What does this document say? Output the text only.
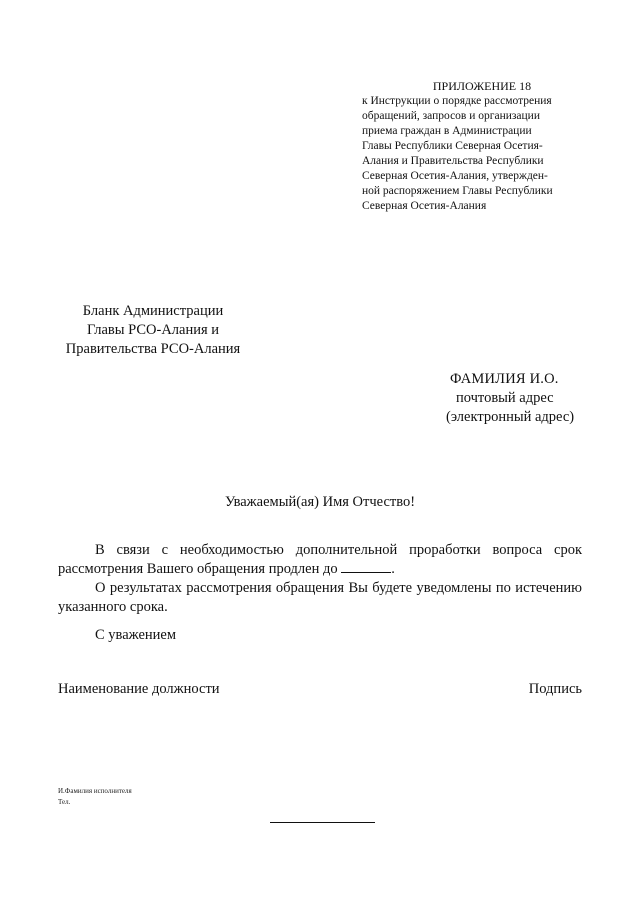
ПРИЛОЖЕНИЕ 18
к Инструкции о порядке рассмотрения
обращений, запросов и организации
приема граждан в Администрации
Главы Республики Северная Осетия-
Алания и Правительства Республики
Северная Осетия-Алания, утвержден-
ной распоряжением Главы Республики
Северная Осетия-Алания
Бланк Администрации
Главы РСО-Алания и
Правительства РСО-Алания
ФАМИЛИЯ И.О.
почтовый адрес
(электронный адрес)
Уважаемый(ая) Имя Отчество!

В связи с необходимостью дополнительной проработки вопроса срок рассмотрения Вашего обращения продлен до	.

О результатах рассмотрения обращения Вы будете уведомлены по истечению указанного срока.

С уважением
Наименование должности	Подпись
И.Фамилия исполнителя
Тел.
